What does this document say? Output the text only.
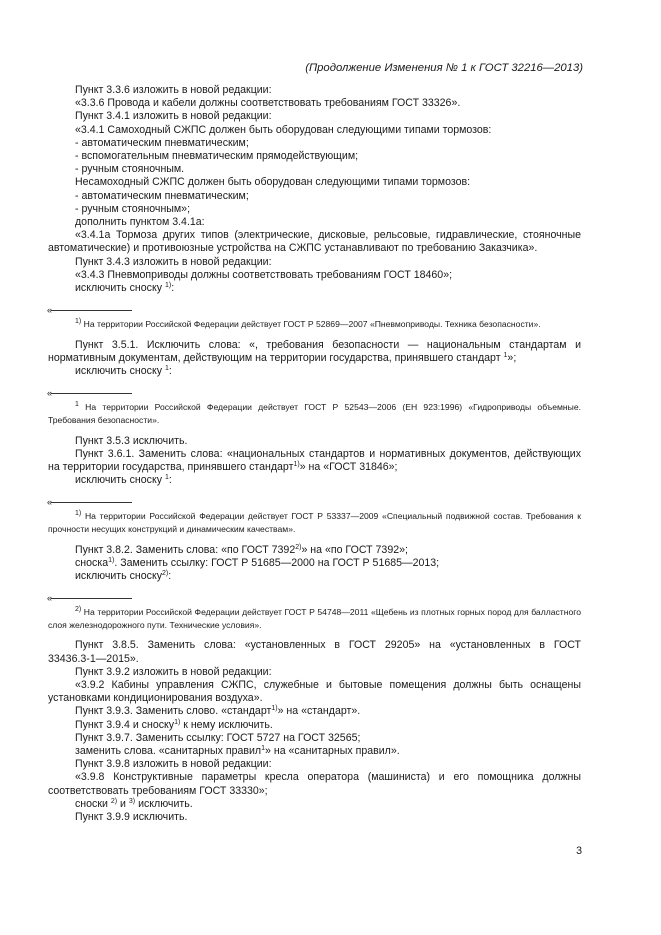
(Продолжение Изменения № 1 к ГОСТ 32216—2013)

Пункт 3.3.6 изложить в новой редакции:

«3.3.6 Провода и кабели должны соответствовать требованиям ГОСТ 33326».

Пункт 3.4.1 изложить в новой редакции:

«3.4.1 Самоходный СЖПС должен быть оборудован следующими типами тормозов:

- автоматическим пневматическим;

- вспомогательным пневматическим прямодействующим;

- ручным стояночным.

Несамоходный СЖПС должен быть оборудован следующими типами тормозов:

- автоматическим пневматическим;

- ручным стояночным»;

дополнить пунктом 3.4.1а:

«3.4.1а Тормоза других типов (электрические, дисковые, рельсовые, гидравлические, стояночные автоматические) и противоюзные устройства на СЖПС устанавливают по требованию Заказчика».

Пункт 3.4.3 изложить в новой редакции:

«3.4.3 Пневмоприводы должны соответствовать требованиям ГОСТ 18460»;

исключить сноску $^{1)}$:

«

$^{1)}$ На территории Российской Федерации действует ГОСТ Р 52869—2007 «Пневмоприводы. Техника безопасности».

Пункт 3.5.1. Исключить слова: «, требования безопасности — национальным стандартам и нормативным документам, действующим на территории государства, принявшего стандарт $^1$»;

исключить сноску $^1$:

«

$^1$ На территории Российской Федерации действует ГОСТ Р 52543—2006 (ЕН 923:1996) «Гидроприводы объемные. Требования безопасности».

Пункт 3.5.3 исключить.

Пункт 3.6.1. Заменить слова: «национальных стандартов и нормативных документов, действующих на территории государства, принявшего стандарт$^{1)}$» на «ГОСТ 31846»;

исключить сноску $^1$:

«

$^{1)}$ На территории Российской Федерации действует ГОСТ Р 53337—2009 «Специальный подвижной состав. Требования к прочности несущих конструкций и динамическим качествам».

Пункт 3.8.2. Заменить слова: «по ГОСТ 7392$^{2)}$» на «по ГОСТ 7392»;

сноска$^{1)}$. Заменить ссылку: ГОСТ Р 51685—2000 на ГОСТ Р 51685—2013;

исключить сноску$^{2)}$:

«

$^{2)}$ На территории Российской Федерации действует ГОСТ Р 54748—2011 «Щебень из плотных горных пород для балластного слоя железнодорожного пути. Технические условия».

Пункт 3.8.5. Заменить слова: «установленных в ГОСТ 29205» на «установленных в ГОСТ 33436.3-1—2015».

Пункт 3.9.2 изложить в новой редакции:

«3.9.2 Кабины управления СЖПС, служебные и бытовые помещения должны быть оснащены установками кондиционирования воздуха».

Пункт 3.9.3. Заменить слово. «стандарт$^{1)}$» на «стандарт».

Пункт 3.9.4 и сноску$^{1)}$ к нему исключить.

Пункт 3.9.7. Заменить ссылку: ГОСТ 5727 на ГОСТ 32565;

заменить слова. «санитарных правил$^1$» на «санитарных правил».

Пункт 3.9.8 изложить в новой редакции:

«3.9.8 Конструктивные параметры кресла оператора (машиниста) и его помощника должны соответствовать требованиям ГОСТ 33330»;

сноски $^{2)}$ и $^{3)}$ исключить.

Пункт 3.9.9 исключить.

3
